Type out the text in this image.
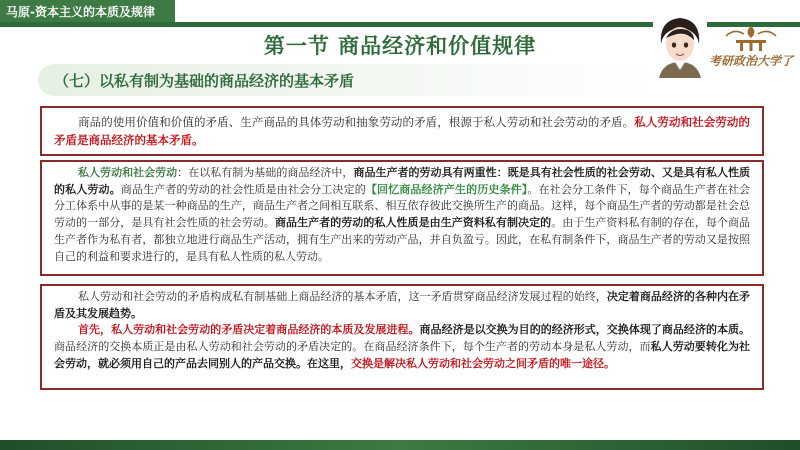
马原-资本主义的本质及规律
第一节 商品经济和价值规律
考研政治大学了
（七）以私有制为基础的商品经济的基本矛盾
商品的使用价值和价值的矛盾、生产商品的具体劳动和抽象劳动的矛盾，根源于私人劳动和社会劳动的矛盾。私人劳动和社会劳动的矛盾是商品经济的基本矛盾。
私人劳动和社会劳动：在以私有制为基础的商品经济中，商品生产者的劳动具有两重性：既是具有社会性质的社会劳动、又是具有私人性质的私人劳动。商品生产者的劳动的社会性质是由社会分工决定的【回忆商品经济产生的历史条件】。在社会分工条件下，每个商品生产者在社会分工体系中从事的是某一种商品的生产，商品生产者之间相互联系、相互依存彼此交换所生产的商品。这样，每个商品生产者的劳动都是社会总劳动的一部分，是具有社会性质的社会劳动。商品生产者的劳动的私人性质是由生产资料私有制决定的。由于生产资料私有制的存在，每个商品生产者作为私有者，都独立地进行商品生产活动，拥有生产出来的劳动产品，并自负盈亏。因此，在私有制条件下，商品生产者的劳动又是按照自己的利益和要求进行的，是具有私人性质的私人劳动。
私人劳动和社会劳动的矛盾构成私有制基础上商品经济的基本矛盾，这一矛盾贯穿商品经济发展过程的始终，决定着商品经济的各种内在矛盾及其发展趋势。
首先，私人劳动和社会劳动的矛盾决定着商品经济的本质及发展进程。商品经济是以交换为目的的经济形式，交换体现了商品经济的本质。商品经济的交换本质正是由私人劳动和社会劳动的矛盾决定的。在商品经济条件下，每个生产者的劳动本身是私人劳动，而私人劳动要转化为社会劳动，就必须用自己的产品去同别人的产品交换。在这里，交换是解决私人劳动和社会劳动之间矛盾的唯一途径。
